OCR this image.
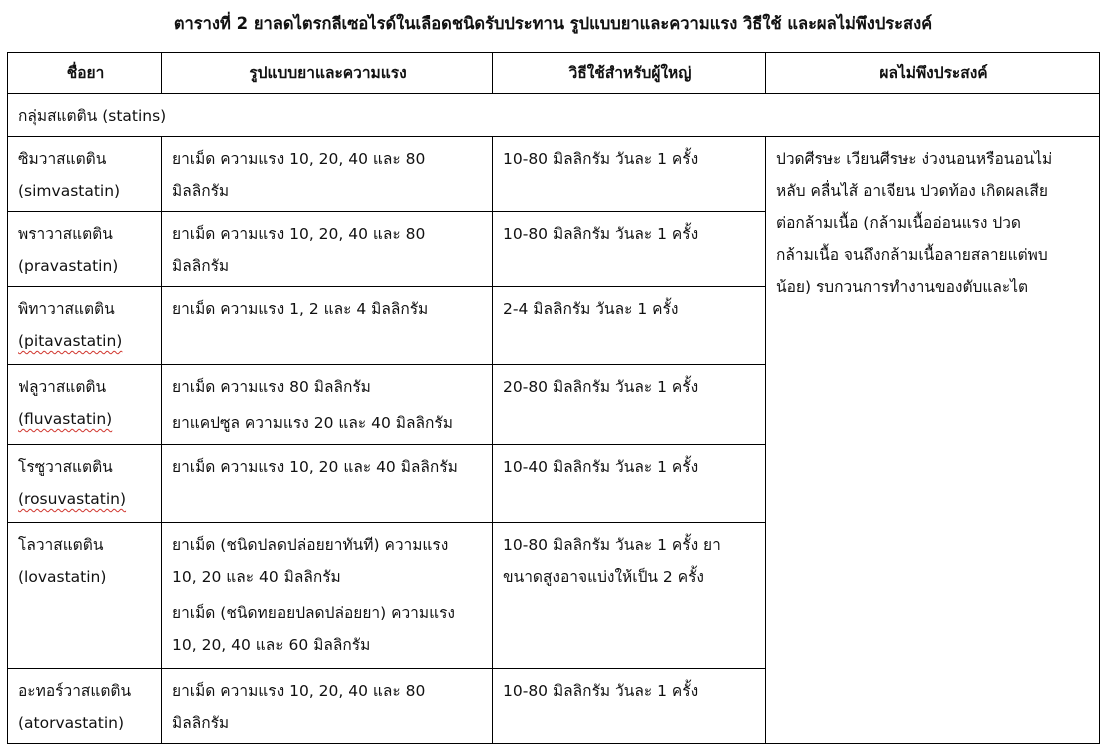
ตารางที่ 2 ยาลดไตรกลีเซอไรด์ในเลือดชนิดรับประทาน รูปแบบยาและความแรง วิธีใช้ และผลไม่พึงประสงค์
ชื่อยา	รูปแบบยาและความแรง	วิธีใช้สำหรับผู้ใหญ่	ผลไม่พึงประสงค์
กลุ่มสแตติน (statins)			

ซิมวาสแตติน
(simvastatin)	ยาเม็ด ความแรง 10, 20, 40 และ 80
มิลลิกรัม	10-80 มิลลิกรัม วันละ 1 ครั้ง	ปวดศีรษะ เวียนศีรษะ ง่วงนอนหรือนอนไม่
หลับ คลื่นไส้ อาเจียน ปวดท้อง เกิดผลเสีย
ต่อกล้ามเนื้อ (กล้ามเนื้ออ่อนแรง ปวด
กล้ามเนื้อ จนถึงกล้ามเนื้อลายสลายแต่พบ
น้อย) รบกวนการทำงานของตับและไต

พราวาสแตติน
(pravastatin)	ยาเม็ด ความแรง 10, 20, 40 และ 80
มิลลิกรัม	10-80 มิลลิกรัม วันละ 1 ครั้ง	

พิทาวาสแตติน
(pitavastatin)	ยาเม็ด ความแรง 1, 2 และ 4 มิลลิกรัม	2-4 มิลลิกรัม วันละ 1 ครั้ง	

ฟลูวาสแตติน
(fluvastatin)	ยาเม็ด ความแรง 80 มิลลิกรัม
ยาแคปซูล ความแรง 20 และ 40 มิลลิกรัม	20-80 มิลลิกรัม วันละ 1 ครั้ง	

โรซูวาสแตติน
(rosuvastatin)	ยาเม็ด ความแรง 10, 20 และ 40 มิลลิกรัม	10-40 มิลลิกรัม วันละ 1 ครั้ง	

โลวาสแตติน
(lovastatin)	ยาเม็ด (ชนิดปลดปล่อยยาทันที) ความแรง
10, 20 และ 40 มิลลิกรัม
ยาเม็ด (ชนิดทยอยปลดปล่อยยา) ความแรง
10, 20, 40 และ 60 มิลลิกรัม	10-80 มิลลิกรัม วันละ 1 ครั้ง ยา
ขนาดสูงอาจแบ่งให้เป็น 2 ครั้ง	

อะทอร์วาสแตติน
(atorvastatin)	ยาเม็ด ความแรง 10, 20, 40 และ 80
มิลลิกรัม	10-80 มิลลิกรัม วันละ 1 ครั้ง	
